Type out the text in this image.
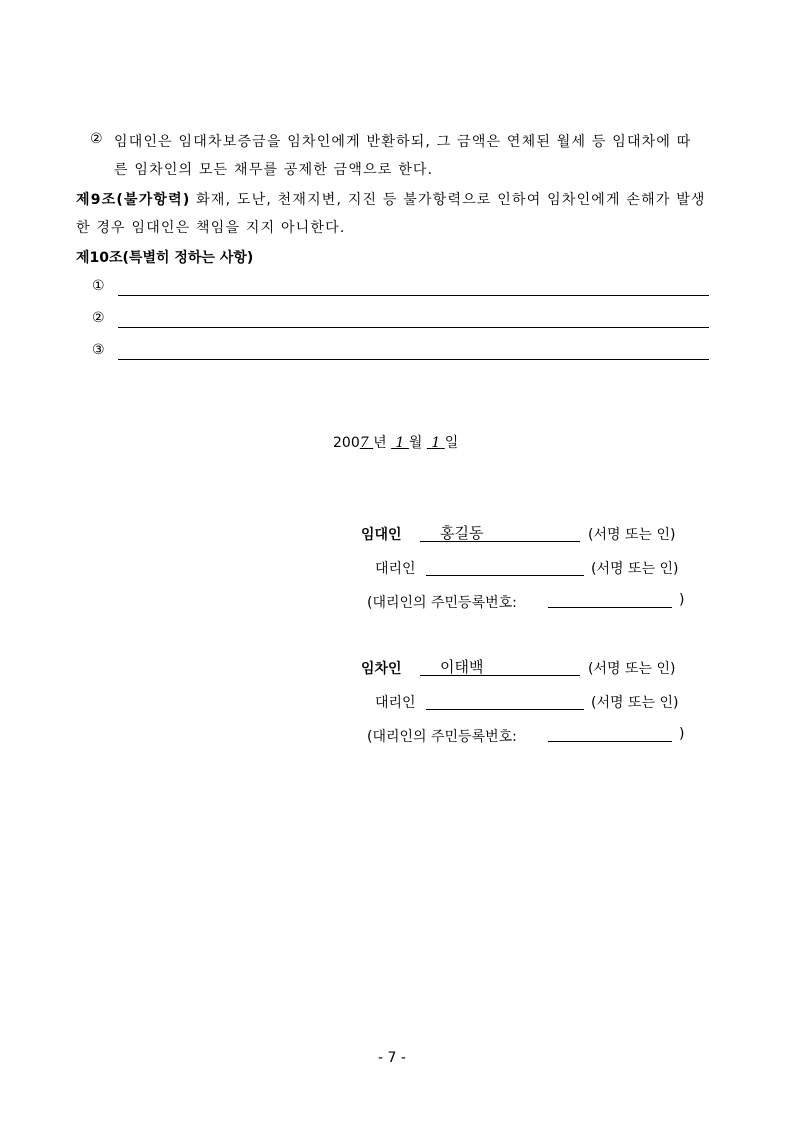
② 임대인은 임대차보증금을 임차인에게 반환하되, 그 금액은 연체된 월세 등 임대차에 따
른 임차인의 모든 채무를 공제한 금액으로 한다.
제9조(불가항력) 화재, 도난, 천재지변, 지진 등 불가항력으로 인하여 임차인에게 손해가 발생
한 경우 임대인은 책임을 지지 아니한다.
제10조(특별히 정하는 사항)
①
②
③
2007 년 1 월 1 일
임대인	홍길동	(서명 또는 인)
대리인	(서명 또는 인)
(대리인의 주민등록번호:	)
임차인	이태백	(서명 또는 인)
대리인	(서명 또는 인)
(대리인의 주민등록번호:	)
- 7 -
